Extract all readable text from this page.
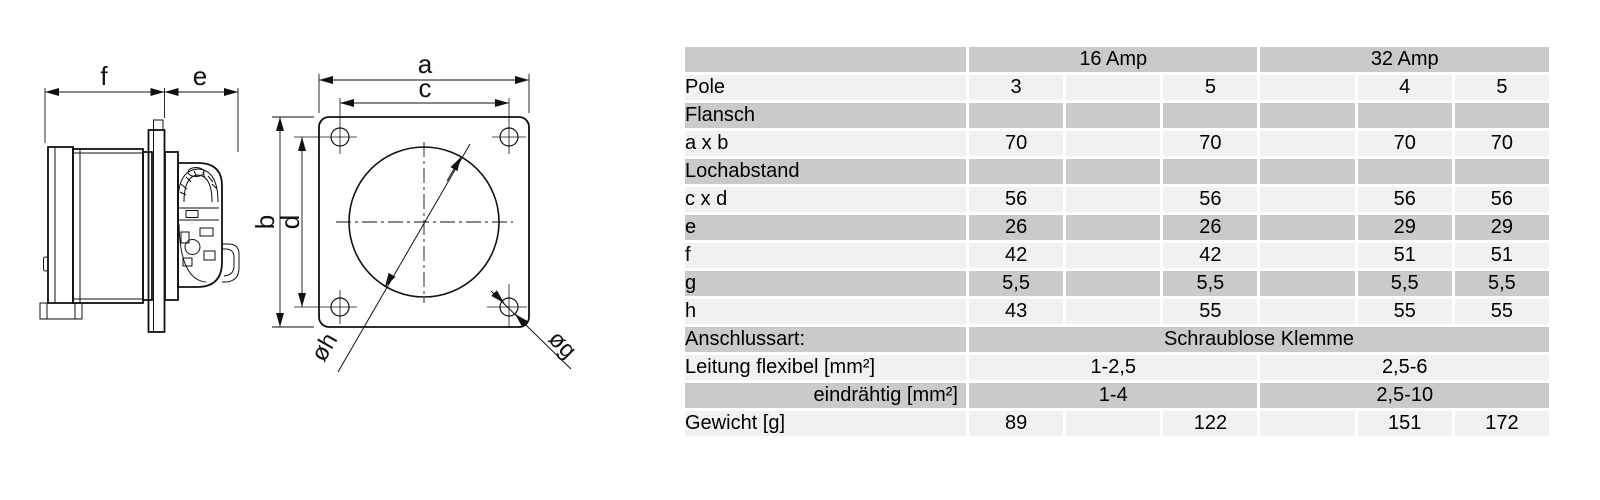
f	e	a
c
b
d
øh	øg
	16 Amp			32 Amp		
Pole	3		5		4	5
Flansch						
a x b	70		70		70	70
Lochabstand						
c x d	56		56		56	56
e	26		26		29	29
f	42		42		51	51
g	5,5		5,5		5,5	5,5
h	43		55		55	55
Anschlussart:	Schraublose Klemme					
Leitung flexibel [mm²]	1-2,5			2,5-6		
eindrähtig [mm²]	1-4			2,5-10		
Gewicht [g]	89		122		151	172
